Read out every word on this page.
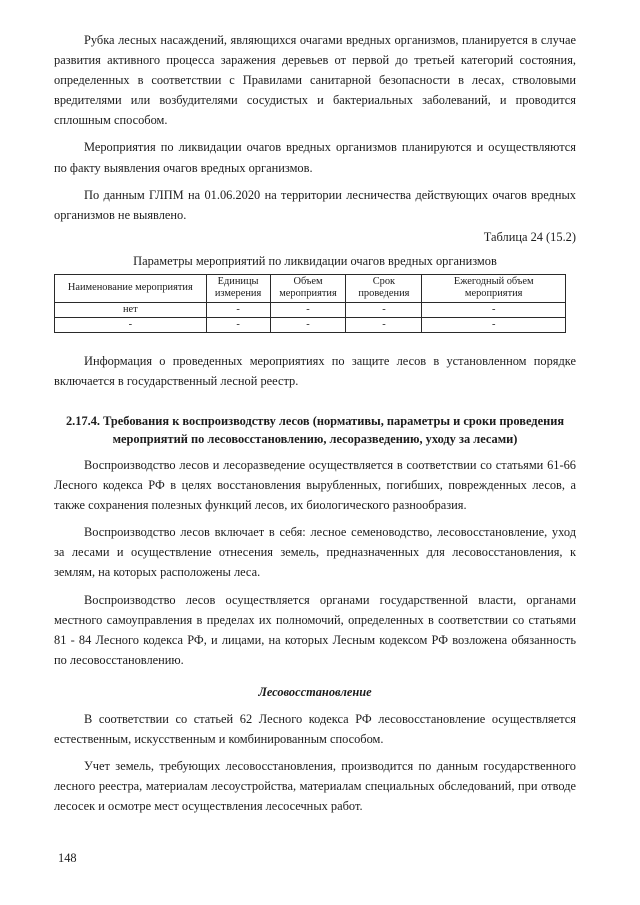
Рубка лесных насаждений, являющихся очагами вредных организмов, планируется в случае развития активного процесса заражения деревьев от первой до третьей категорий состояния, определенных в соответствии с Правилами санитарной безопасности в лесах, стволовыми вредителями или возбудителями сосудистых и бактериальных заболеваний, и проводится сплошным способом.

Мероприятия по ликвидации очагов вредных организмов планируются и осуществляются по факту выявления очагов вредных организмов.

По данным ГЛПМ на 01.06.2020 на территории лесничества действующих очагов вредных организмов не выявлено.

Таблица 24 (15.2)
Параметры мероприятий по ликвидации очагов вредных организмов
Наименование мероприятия	Единицы измерения	Объем мероприятия	Срок проведения	Ежегодный объем мероприятия
нет	-	-	-	-
-	-	-	-	-

Информация о проведенных мероприятиях по защите лесов в установленном порядке включается в государственный лесной реестр.

2.17.4. Требования к воспроизводству лесов (нормативы, параметры и сроки проведения мероприятий по лесовосстановлению, лесоразведению, уходу за лесами)

Воспроизводство лесов и лесоразведение осуществляется в соответствии со статьями 61-66 Лесного кодекса РФ в целях восстановления вырубленных, погибших, поврежденных лесов, а также сохранения полезных функций лесов, их биологического разнообразия.

Воспроизводство лесов включает в себя: лесное семеноводство, лесовосстановление, уход за лесами и осуществление отнесения земель, предназначенных для лесовосстановления, к землям, на которых расположены леса.

Воспроизводство лесов осуществляется органами государственной власти, органами местного самоуправления в пределах их полномочий, определенных в соответствии со статьями 81 - 84 Лесного кодекса РФ, и лицами, на которых Лесным кодексом РФ возложена обязанность по лесовосстановлению.

Лесовосстановление

В соответствии со статьей 62 Лесного кодекса РФ лесовосстановление осуществляется естественным, искусственным и комбинированным способом.

Учет земель, требующих лесовосстановления, производится по данным государственного лесного реестра, материалам лесоустройства, материалам специальных обследований, при отводе лесосек и осмотре мест осуществления лесосечных работ.

148
